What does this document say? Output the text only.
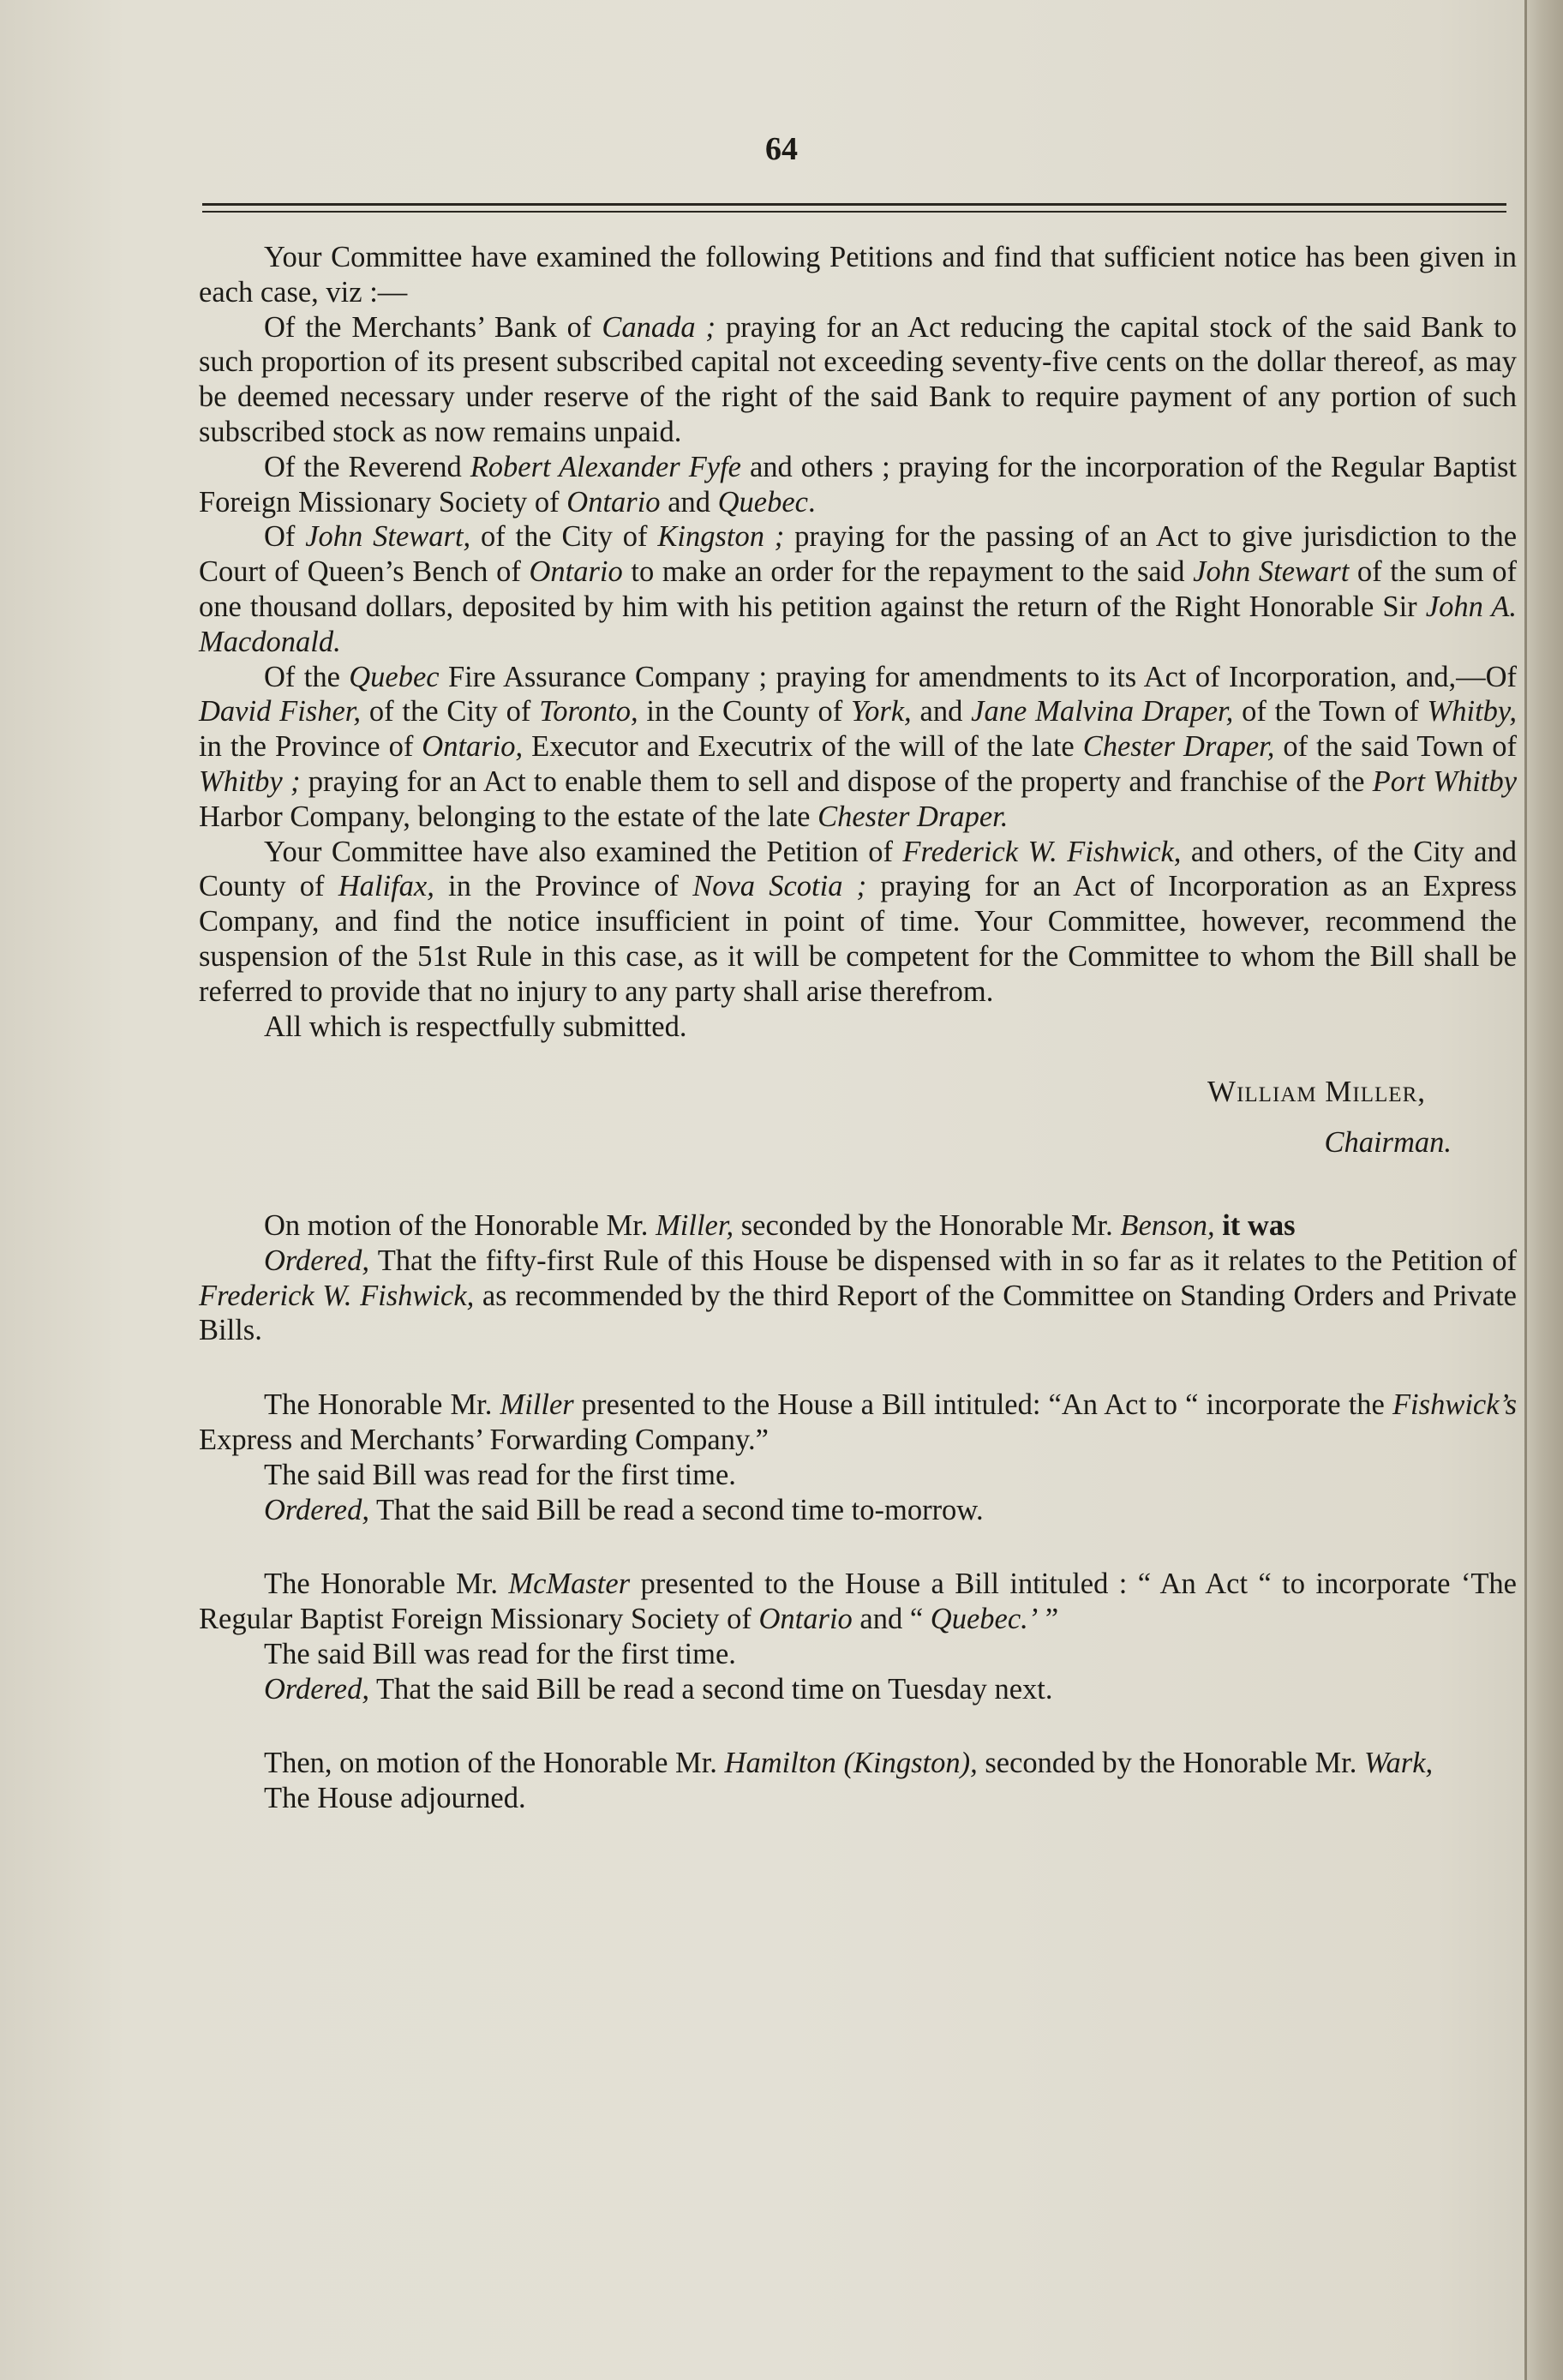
64

Your Committee have examined the following Petitions and find that sufficient notice has been given in each case, viz :—

Of the Merchants’ Bank of Canada ; praying for an Act reducing the capital stock of the said Bank to such proportion of its present subscribed capital not exceeding seventy-five cents on the dollar thereof, as may be deemed necessary under reserve of the right of the said Bank to require payment of any portion of such subscribed stock as now remains unpaid.

Of the Reverend Robert Alexander Fyfe and others ; praying for the incorporation of the Regular Baptist Foreign Missionary Society of Ontario and Quebec.

Of John Stewart, of the City of Kingston ; praying for the passing of an Act to give jurisdiction to the Court of Queen’s Bench of Ontario to make an order for the repayment to the said John Stewart of the sum of one thousand dollars, deposited by him with his petition against the return of the Right Honorable Sir John A. Macdonald.

Of the Quebec Fire Assurance Company ; praying for amendments to its Act of Incorporation, and,—Of David Fisher, of the City of Toronto, in the County of York, and Jane Malvina Draper, of the Town of Whitby, in the Province of Ontario, Executor and Executrix of the will of the late Chester Draper, of the said Town of Whitby ; praying for an Act to enable them to sell and dispose of the property and franchise of the Port Whitby Harbor Company, belonging to the estate of the late Chester Draper.

Your Committee have also examined the Petition of Frederick W. Fishwick, and others, of the City and County of Halifax, in the Province of Nova Scotia ; praying for an Act of Incorporation as an Express Company, and find the notice insufficient in point of time. Your Committee, however, recommend the suspension of the 51st Rule in this case, as it will be competent for the Committee to whom the Bill shall be referred to provide that no injury to any party shall arise therefrom.

All which is respectfully submitted.

William Miller,

Chairman.

On motion of the Honorable Mr. Miller, seconded by the Honorable Mr. Benson, it was

Ordered, That the fifty-first Rule of this House be dispensed with in so far as it relates to the Petition of Frederick W. Fishwick, as recommended by the third Report of the Committee on Standing Orders and Private Bills.

The Honorable Mr. Miller presented to the House a Bill intituled: “An Act to “ incorporate the Fishwick’s Express and Merchants’ Forwarding Company.”

The said Bill was read for the first time.

Ordered, That the said Bill be read a second time to-morrow.

The Honorable Mr. McMaster presented to the House a Bill intituled : “ An Act “ to incorporate ‘The Regular Baptist Foreign Missionary Society of Ontario and “ Quebec.’ ”

The said Bill was read for the first time.

Ordered, That the said Bill be read a second time on Tuesday next.

Then, on motion of the Honorable Mr. Hamilton (Kingston), seconded by the Honorable Mr. Wark,

The House adjourned.
